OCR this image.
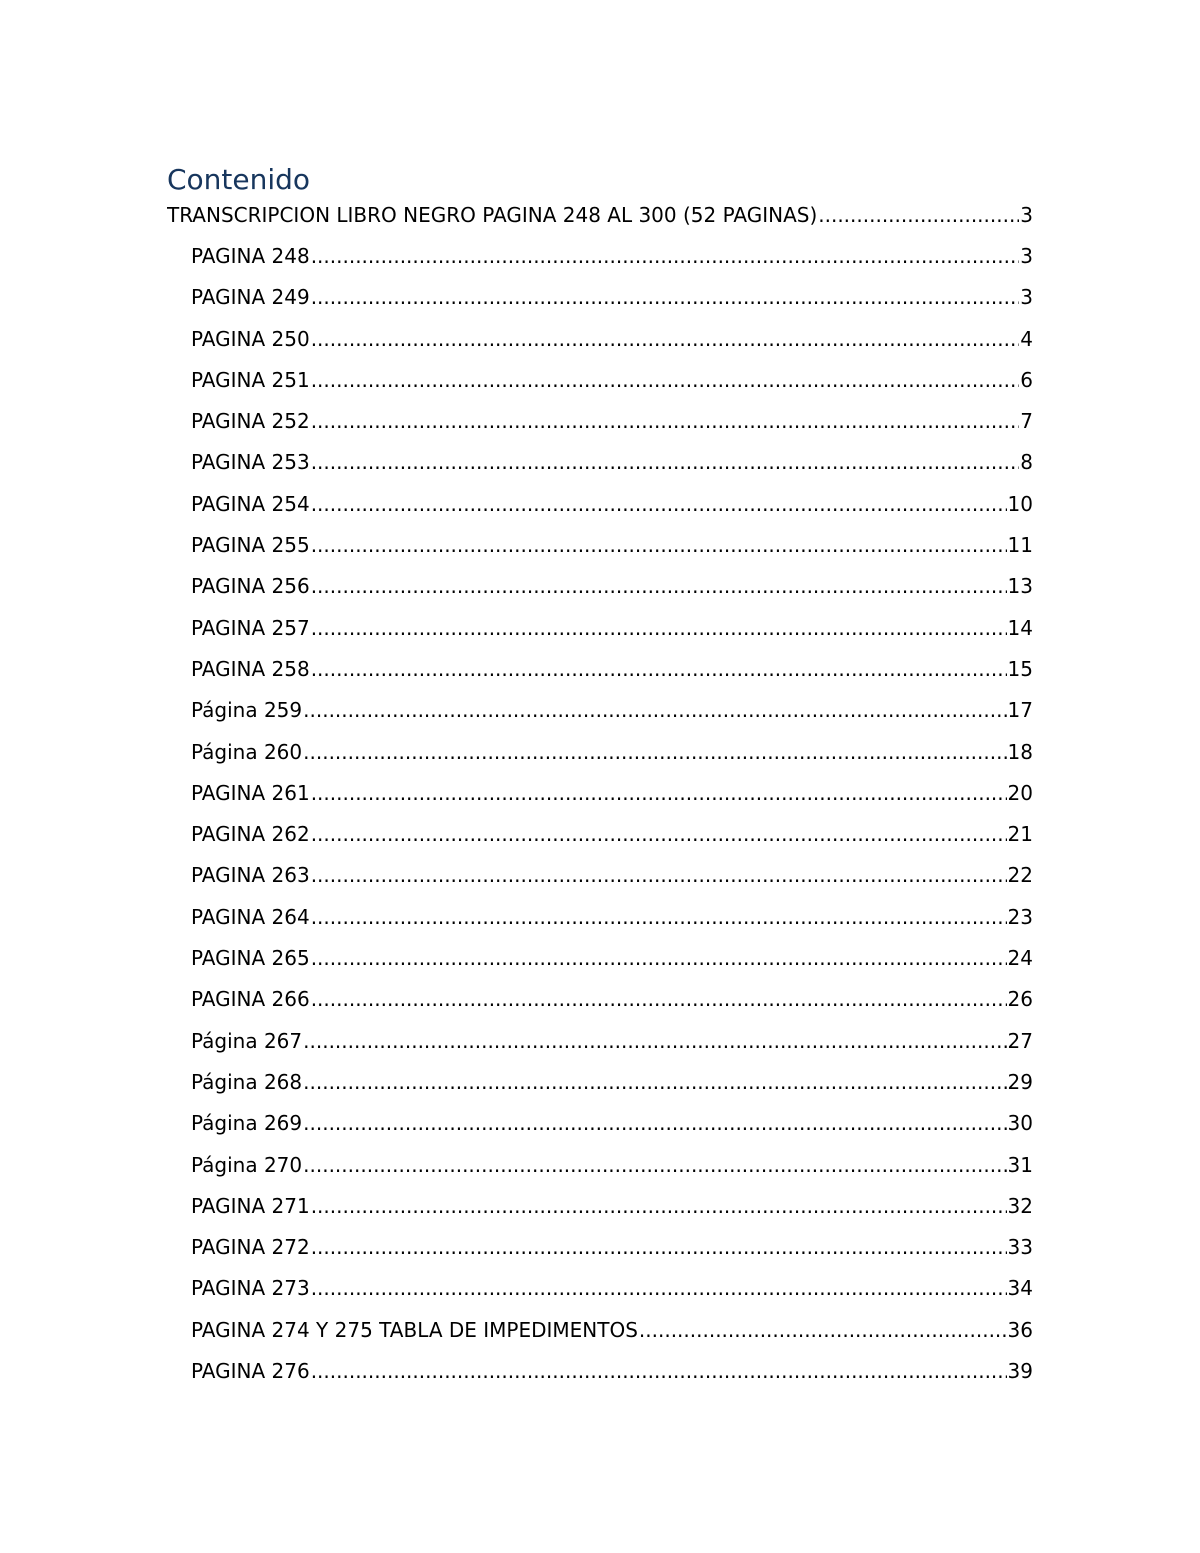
Contenido
TRANSCRIPCION LIBRO NEGRO PAGINA 248 AL 300 (52 PAGINAS) .....	3
PAGINA 248 .....	3
PAGINA 249 .....	3
PAGINA 250 .....	4
PAGINA 251 .....	6
PAGINA 252 .....	7
PAGINA 253 .....	8
PAGINA 254 .....	10
PAGINA 255 .....	11
PAGINA 256 .....	13
PAGINA 257 .....	14
PAGINA 258 .....	15
Página 259 .....	17
Página 260 .....	18
PAGINA 261 .....	20
PAGINA 262 .....	21
PAGINA 263 .....	22
PAGINA 264 .....	23
PAGINA 265 .....	24
PAGINA 266 .....	26
Página 267 .....	27
Página 268 .....	29
Página 269 .....	30
Página 270 .....	31
PAGINA 271 .....	32
PAGINA 272 .....	33
PAGINA 273 .....	34
PAGINA 274 Y 275 TABLA DE IMPEDIMENTOS .....	36
PAGINA 276 .....	39
